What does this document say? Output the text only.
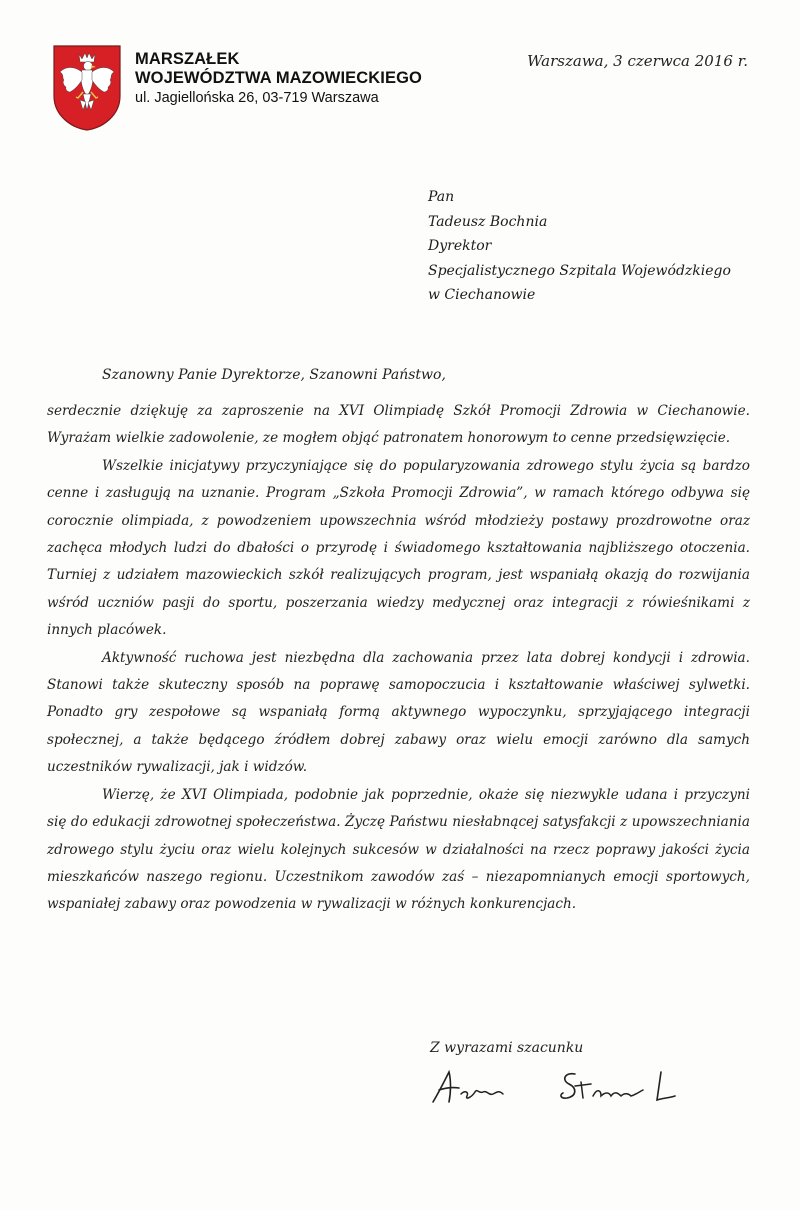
MARSZAŁEK
WOJEWÓDZTWA MAZOWIECKIEGO
ul. Jagiellońska 26, 03-719 Warszawa
Warszawa, 3 czerwca 2016 r.
Pan
Tadeusz Bochnia
Dyrektor
Specjalistycznego Szpitala Wojewódzkiego
w Ciechanowie
Szanowny Panie Dyrektorze, Szanowni Państwo,

serdecznie dziękuję za zaproszenie na XVI Olimpiadę Szkół Promocji Zdrowia w Ciechanowie. Wyrażam wielkie zadowolenie, ze mogłem objąć patronatem honorowym to cenne przedsięwzięcie.

Wszelkie inicjatywy przyczyniające się do popularyzowania zdrowego stylu życia są bardzo cenne i zasługują na uznanie. Program „Szkoła Promocji Zdrowia”, w ramach którego odbywa się corocznie olimpiada, z powodzeniem upowszechnia wśród młodzieży postawy prozdrowotne oraz zachęca młodych ludzi do dbałości o przyrodę i świadomego kształtowania najbliższego otoczenia. Turniej z udziałem mazowieckich szkół realizujących program, jest wspaniałą okazją do rozwijania wśród uczniów pasji do sportu, poszerzania wiedzy medycznej oraz integracji z rówieśnikami z innych placówek.

Aktywność ruchowa jest niezbędna dla zachowania przez lata dobrej kondycji i zdrowia. Stanowi także skuteczny sposób na poprawę samopoczucia i kształtowanie właściwej sylwetki. Ponadto gry zespołowe są wspaniałą formą aktywnego wypoczynku, sprzyjającego integracji społecznej, a także będącego źródłem dobrej zabawy oraz wielu emocji zarówno dla samych uczestników rywalizacji, jak i widzów.

Wierzę, że XVI Olimpiada, podobnie jak poprzednie, okaże się niezwykle udana i przyczyni się do edukacji zdrowotnej społeczeństwa. Życzę Państwu niesłabnącej satysfakcji z upowszechniania zdrowego stylu życiu oraz wielu kolejnych sukcesów w działalności na rzecz poprawy jakości życia mieszkańców naszego regionu. Uczestnikom zawodów zaś – niezapomnianych emocji sportowych, wspaniałej zabawy oraz powodzenia w rywalizacji w różnych konkurencjach.

Z wyrazami szacunku
